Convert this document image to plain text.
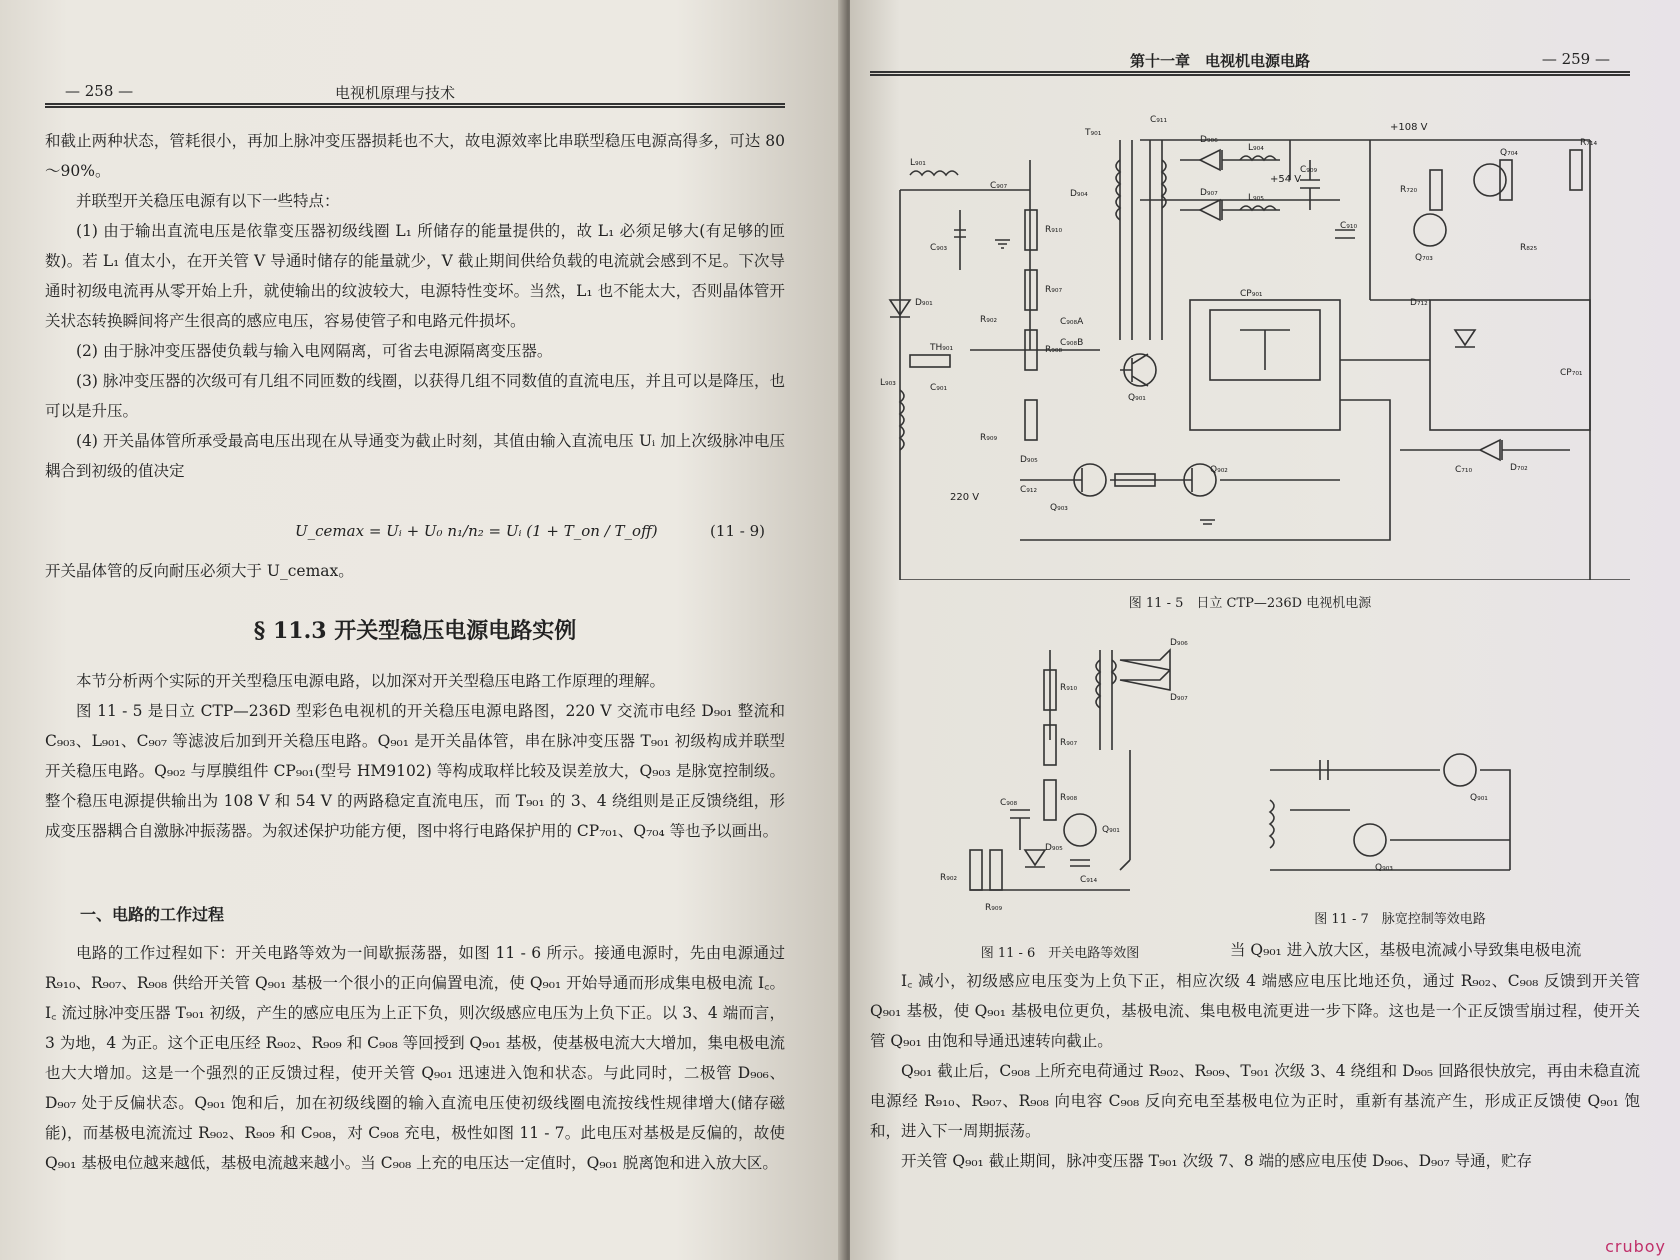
— 258 —	电视机原理与技术

和截止两种状态，管耗很小，再加上脉冲变压器损耗也不大，故电源效率比串联型稳压电源高得多，可达 80～90%。

并联型开关稳压电源有以下一些特点：

(1) 由于输出直流电压是依靠变压器初级线圈 L₁ 所储存的能量提供的，故 L₁ 必须足够大(有足够的匝数)。若 L₁ 值太小，在开关管 V 导通时储存的能量就少，V 截止期间供给负载的电流就会感到不足。下次导通时初级电流再从零开始上升，就使输出的纹波较大，电源特性变坏。当然，L₁ 也不能太大，否则晶体管开关状态转换瞬间将产生很高的感应电压，容易使管子和电路元件损坏。

(2) 由于脉冲变压器使负载与输入电网隔离，可省去电源隔离变压器。

(3) 脉冲变压器的次级可有几组不同匝数的线圈，以获得几组不同数值的直流电压，并且可以是降压，也可以是升压。

(4) 开关晶体管所承受最高电压出现在从导通变为截止时刻，其值由输入直流电压 Uᵢ 加上次级脉冲电压耦合到初级的值决定

U_cemax = Uᵢ + U₀ n₁/n₂ = Uᵢ (1 + T_on / T_off)	(11 - 9)

开关晶体管的反向耐压必须大于 U_cemax。

§ 11.3 开关型稳压电源电路实例

本节分析两个实际的开关型稳压电源电路，以加深对开关型稳压电路工作原理的理解。

图 11 - 5 是日立 CTP—236D 型彩色电视机的开关稳压电源电路图，220 V 交流市电经 D₉₀₁ 整流和 C₉₀₃、L₉₀₁、C₉₀₇ 等滤波后加到开关稳压电路。Q₉₀₁ 是开关晶体管，串在脉冲变压器 T₉₀₁ 初级构成并联型开关稳压电路。Q₉₀₂ 与厚膜组件 CP₉₀₁(型号 HM9102) 等构成取样比较及误差放大，Q₉₀₃ 是脉宽控制级。整个稳压电源提供输出为 108 V 和 54 V 的两路稳定直流电压，而 T₉₀₁ 的 3、4 绕组则是正反馈绕组，形成变压器耦合自激脉冲振荡器。为叙述保护功能方便，图中将行电路保护用的 CP₇₀₁、Q₇₀₄ 等也予以画出。

一、电路的工作过程

电路的工作过程如下：开关电路等效为一间歇振荡器，如图 11 - 6 所示。接通电源时，先由电源通过 R₉₁₀、R₉₀₇、R₉₀₈ 供给开关管 Q₉₀₁ 基极一个很小的正向偏置电流，使 Q₉₀₁ 开始导通而形成集电极电流 I꜀。I꜀ 流过脉冲变压器 T₉₀₁ 初级，产生的感应电压为上正下负，则次级感应电压为上负下正。以 3、4 端而言，3 为地，4 为正。这个正电压经 R₉₀₂、R₉₀₉ 和 C₉₀₈ 等回授到 Q₉₀₁ 基极，使基极电流大大增加，集电极电流也大大增加。这是一个强烈的正反馈过程，使开关管 Q₉₀₁ 迅速进入饱和状态。与此同时，二极管 D₉₀₆、D₉₀₇ 处于反偏状态。Q₉₀₁ 饱和后，加在初级线圈的输入直流电压使初级线圈电流按线性规律增大(储存磁能)，而基极电流流过 R₉₀₂、R₉₀₉ 和 C₉₀₈，对 C₉₀₈ 充电，极性如图 11 - 7。此电压对基极是反偏的，故使 Q₉₀₁ 基极电位越来越低，基极电流越来越小。当 C₉₀₈ 上充的电压达一定值时，Q₉₀₁ 脱离饱和进入放大区。

第十一章　电视机电源电路	— 259 —
C₉₁₁
T₉₀₁
D₉₀₆
L₉₀₄
+108 V
C₉₀₉
D₉₀₇	L₉₀₅
+54 V
C₉₁₀
L₉₀₁
C₉₀₇
R₉₁₀
D₉₀₄
C₉₀₃
R₉₀₇
D₉₀₁
R₉₀₈
R₉₀₂	C₉₀₈A
C₉₀₈B
TH₉₀₁
Q₉₀₁
CP₉₀₁
L₉₀₃	C₉₀₁
R₉₀₉
D₉₀₅
C₉₁₂
Q₉₀₃
Q₉₀₂
220 V
R₇₂₀
Q₇₀₄
R₇₁₄
Q₇₀₃
R₈₂₅
D₇₁₂
CP₇₀₁
D₇₀₂
C₇₁₀
图 11 - 5　日立 CTP—236D 电视机电源
D₉₀₆
D₉₀₇
R₉₁₀
R₉₀₇
R₉₀₈
C₉₀₈
D₉₀₅
R₉₀₂
R₉₀₉
C₉₁₄
Q₉₀₁
图 11 - 6　开关电路等效图
Q₉₀₁
Q₉₀₃
图 11 - 7　脉宽控制等效电路

当 Q₉₀₁ 进入放大区，基极电流减小导致集电极电流

I꜀ 减小，初级感应电压变为上负下正，相应次级 4 端感应电压比地还负，通过 R₉₀₂、C₉₀₈ 反馈到开关管 Q₉₀₁ 基极，使 Q₉₀₁ 基极电位更负，基极电流、集电极电流更进一步下降。这也是一个正反馈雪崩过程，使开关管 Q₉₀₁ 由饱和导通迅速转向截止。

Q₉₀₁ 截止后，C₉₀₈ 上所充电荷通过 R₉₀₂、R₉₀₉、T₉₀₁ 次级 3、4 绕组和 D₉₀₅ 回路很快放完，再由未稳直流电源经 R₉₁₀、R₉₀₇、R₉₀₈ 向电容 C₉₀₈ 反向充电至基极电位为正时，重新有基流产生，形成正反馈使 Q₉₀₁ 饱和，进入下一周期振荡。

开关管 Q₉₀₁ 截止期间，脉冲变压器 T₉₀₁ 次级 7、8 端的感应电压使 D₉₀₆、D₉₀₇ 导通，贮存

cruboy
